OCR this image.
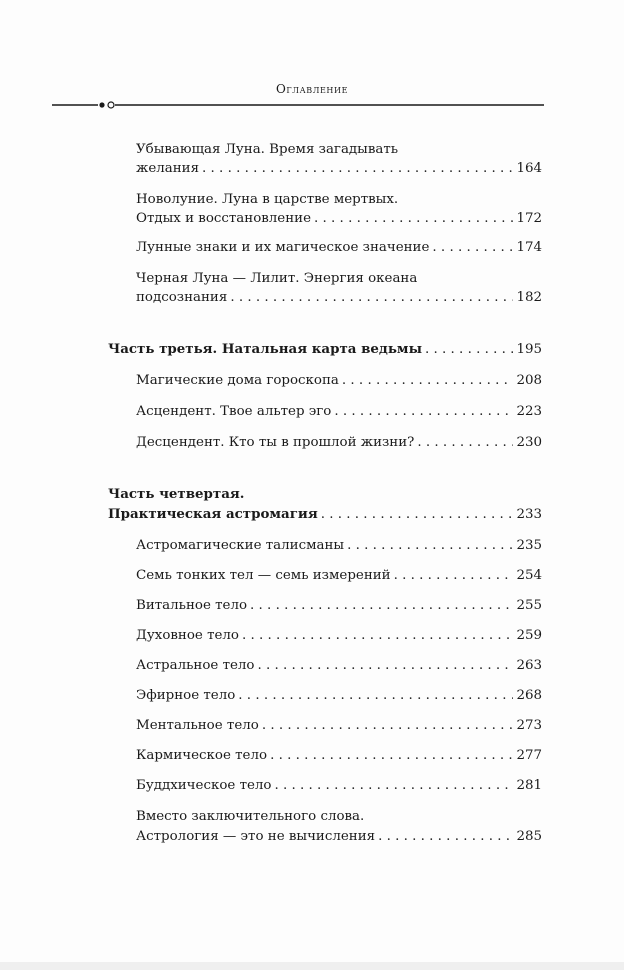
Оглавление
Убывающая Луна. Время загадывать
желания . . .	164
Новолуние. Луна в царстве мертвых.
Отдых и восстановление . . .	172
Лунные знаки и их магическое значение . . .	174
Черная Луна — Лилит. Энергия океана
подсознания . . .	182
Часть третья. Натальная карта ведьмы . . .	195
Магические дома гороскопа . . .	208
Асцендент. Твое альтер эго . . .	223
Десцендент. Кто ты в прошлой жизни? . . .	230
Часть четвертая.
Практическая астромагия . . .	233
Астромагические талисманы . . .	235
Семь тонких тел — семь измерений . . .	254
Витальное тело . . .	255
Духовное тело . . .	259
Астральное тело . . .	263
Эфирное тело . . .	268
Ментальное тело . . .	273
Кармическое тело . . .	277
Буддхическое тело . . .	281
Вместо заключительного слова.
Астрология — это не вычисления . . .	285
